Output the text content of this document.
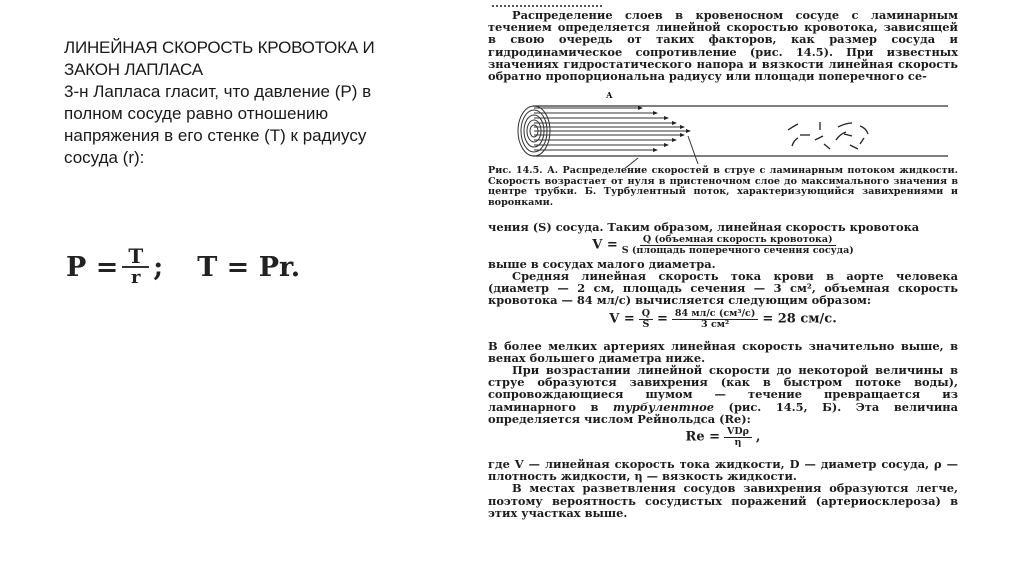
ЛИНЕЙНАЯ СКОРОСТЬ КРОВОТОКА И
ЗАКОН ЛАПЛАСА

3-н Лапласа гласит, что давление (Р) в полном сосуде равно отношению напряжения в его стенке (Т) к радиусу сосуда (r):

$P = \frac{T}{r}$ ; T = Pr.

Распределение слоев в кровеносном сосуде с ламинарным течением определяется линейной скоростью кровотока, зависящей в свою очередь от таких факторов, как размер сосуда и гидродинамическое сопротивление (рис. 14.5). При известных значениях гидростатического напора и вязкости линейная скорость обратно пропорциональна радиусу или площади поперечного се-

А

Рис. 14.5. А. Распределение скоростей в струе с ламинарным потоком жидкости. Скорость возрастает от нуля в пристеночном слое до максимального значения в центре трубки. Б. Турбулентный поток, характеризующийся завихрениями и воронками.

чения (S) сосуда. Таким образом, линейная скорость кровотока

$V = \frac{\text{Q (объемная скорость кровотока)}}{\text{S (площадь поперечного сечения сосуда)}}$

выше в сосудах малого диаметра.

Средняя линейная скорость тока крови в аорте человека (диаметр — 2 см, площадь сечения — 3 см², объемная скорость кровотока — 84 мл/с) вычисляется следующим образом:

$V = \frac{Q}{S} = \frac{\text{84 мл/с (см³/с)}}{\text{3 см²}} = 28$ см/с.

В более мелких артериях линейная скорость значительно выше, в венах большего диаметра ниже.

При возрастании линейной скорости до некоторой величины в струе образуются завихрения (как в быстром потоке воды), сопровождающиеся шумом — течение превращается из ламинарного в турбулентное (рис. 14.5, Б). Эта величина определяется числом Рейнольдса (Re):

$Re = \frac{\text{VDρ}}{\eta}$ ,

где V — линейная скорость тока жидкости, D — диаметр сосуда, ρ — плотность жидкости, η — вязкость жидкости.

В местах разветвления сосудов завихрения образуются легче, поэтому вероятность сосудистых поражений (артериосклероза) в этих участках выше.
